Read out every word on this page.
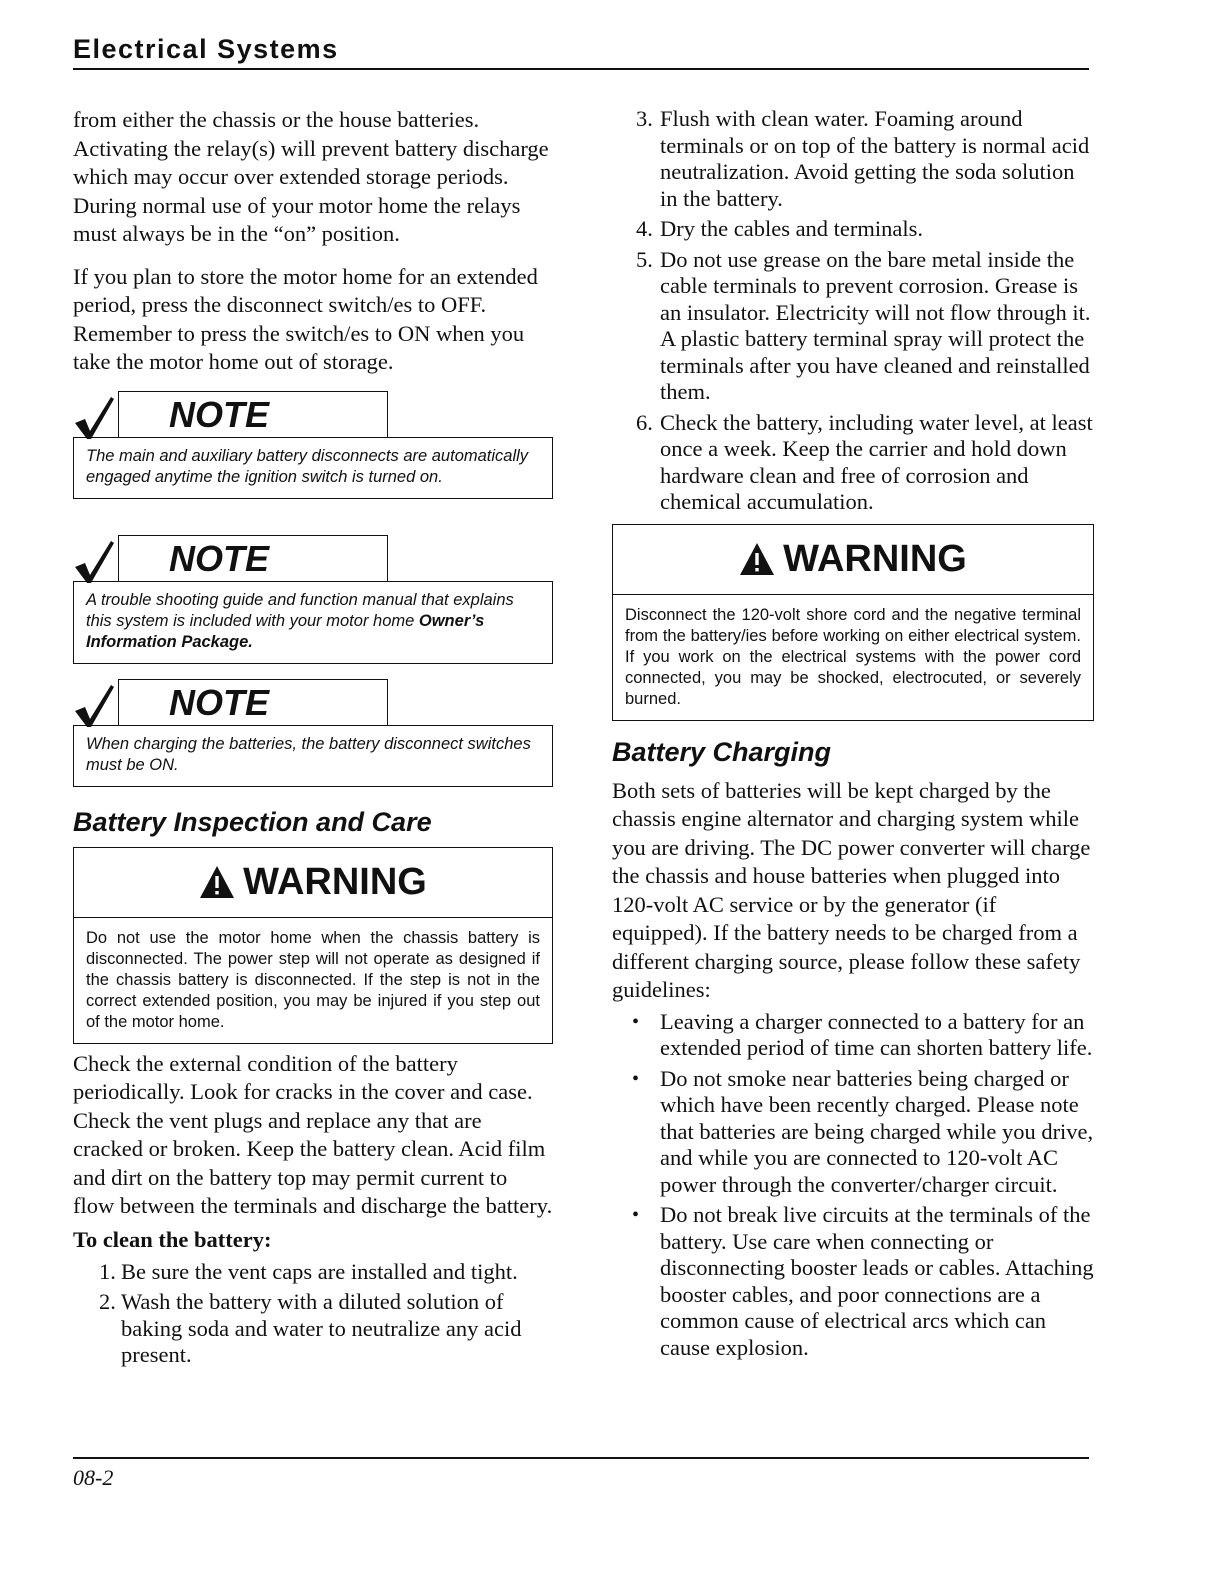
Electrical Systems

from either the chassis or the house batteries. Activating the relay(s) will prevent battery discharge which may occur over extended storage periods. During normal use of your motor home the relays must always be in the “on” position.

If you plan to store the motor home for an extended period, press the disconnect switch/es to OFF. Remember to press the switch/es to ON when you take the motor home out of storage.

NOTE
The main and auxiliary battery disconnects are automatically engaged anytime the ignition switch is turned on.
NOTE
A trouble shooting guide and function manual that explains this system is included with your motor home Owner’s Information Package.
NOTE
When charging the batteries, the battery disconnect switches must be ON.
Battery Inspection and Care
WARNING
Do not use the motor home when the chassis battery is disconnected. The power step will not operate as designed if the chassis battery is disconnected. If the step is not in the correct extended position, you may be injured if you step out of the motor home.

Check the external condition of the battery periodically. Look for cracks in the cover and case. Check the vent plugs and replace any that are cracked or broken. Keep the battery clean. Acid film and dirt on the battery top may permit current to flow between the terminals and discharge the battery.

To clean the battery:
1. Be sure the vent caps are installed and tight.
2. Wash the battery with a diluted solution of baking soda and water to neutralize any acid present.
3. Flush with clean water. Foaming around terminals or on top of the battery is normal acid neutralization. Avoid getting the soda solution in the battery.
4. Dry the cables and terminals.
5. Do not use grease on the bare metal inside the cable terminals to prevent corrosion. Grease is an insulator. Electricity will not flow through it. A plastic battery terminal spray will protect the terminals after you have cleaned and reinstalled them.
6. Check the battery, including water level, at least once a week. Keep the carrier and hold down hardware clean and free of corrosion and chemical accumulation.
WARNING
Disconnect the 120-volt shore cord and the negative terminal from the battery/ies before working on either electrical system. If you work on the electrical systems with the power cord connected, you may be shocked, electrocuted, or severely burned.
Battery Charging

Both sets of batteries will be kept charged by the chassis engine alternator and charging system while you are driving. The DC power converter will charge the chassis and house batteries when plugged into 120-volt AC service or by the generator (if equipped). If the battery needs to be charged from a different charging source, please follow these safety guidelines:

• Leaving a charger connected to a battery for an extended period of time can shorten battery life.
• Do not smoke near batteries being charged or which have been recently charged. Please note that batteries are being charged while you drive, and while you are connected to 120-volt AC power through the converter/charger circuit.
• Do not break live circuits at the terminals of the battery. Use care when connecting or disconnecting booster leads or cables. Attaching booster cables, and poor connections are a common cause of electrical arcs which can cause explosion.
08-2
